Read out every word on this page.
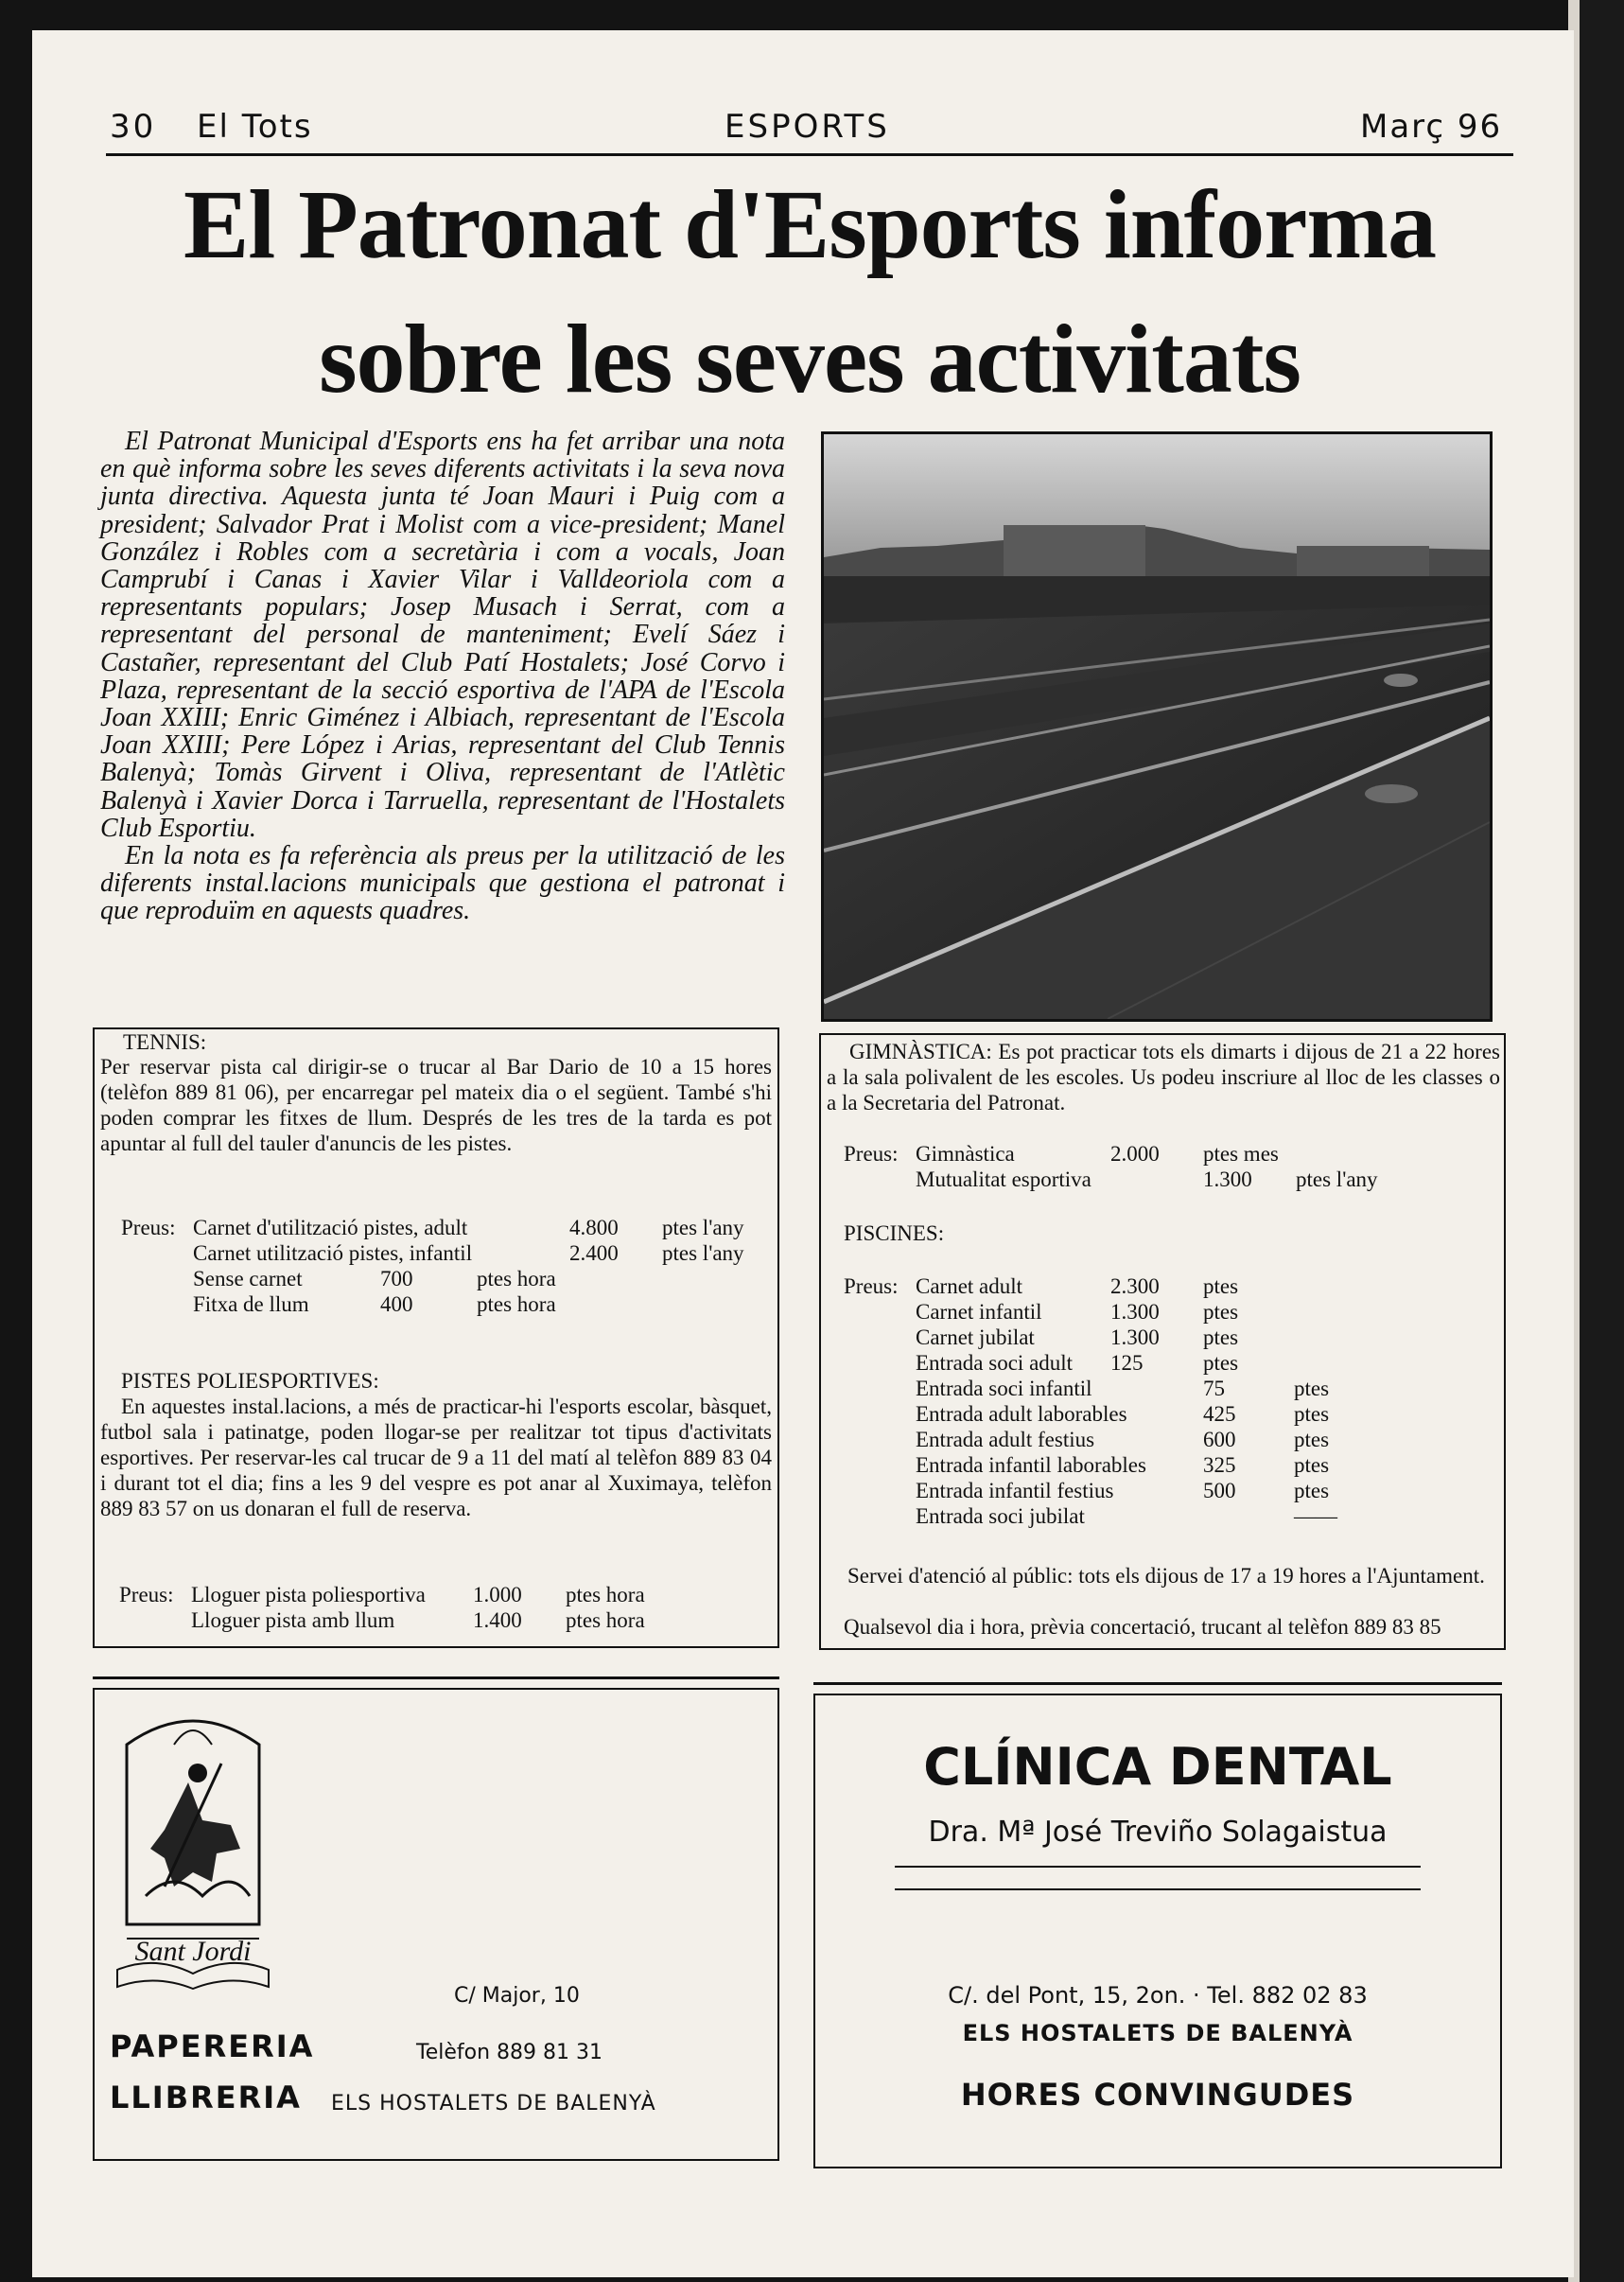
30 El Tots	ESPORTS	Març 96
El Patronat d'Esports informa
sobre les seves activitats

El Patronat Municipal d'Esports ens ha fet arribar una nota en què informa sobre les seves diferents activitats i la seva nova junta directiva. Aquesta junta té Joan Mauri i Puig com a president; Salvador Prat i Molist com a vice-president; Manel González i Robles com a secretària i com a vocals, Joan Camprubí i Canas i Xavier Vilar i Valldeoriola com a representants populars; Josep Musach i Serrat, com a representant del personal de manteniment; Evelí Sáez i Castañer, representant del Club Patí Hostalets; José Corvo i Plaza, representant de la secció esportiva de l'APA de l'Escola Joan XXIII; Enric Giménez i Albiach, representant de l'Escola Joan XXIII; Pere López i Arias, representant del Club Tennis Balenyà; Tomàs Girvent i Oliva, representant de l'Atlètic Balenyà i Xavier Dorca i Tarruella, representant de l'Hostalets Club Esportiu.

En la nota es fa referència als preus per la utilització de les diferents instal.lacions municipals que gestiona el patronat i que reproduïm en aquests quadres.

TENNIS:
Per reservar pista cal dirigir-se o trucar al Bar Dario de 10 a 15 hores (telèfon 889 81 06), per encarregar pel mateix dia o el següent. També s'hi poden comprar les fitxes de llum. Després de les tres de la tarda es pot apuntar al full del tauler d'anuncis de les pistes.
Preus: Carnet d'utilització pistes, adult	4.800 ptes l'any
Carnet utilització pistes, infantil	2.400 ptes l'any
Sense carnet	700	ptes hora
Fitxa de llum	400	ptes hora
PISTES POLIESPORTIVES:
En aquestes instal.lacions, a més de practicar-hi l'esports escolar, bàsquet, futbol sala i patinatge, poden llogar-se per realitzar tot tipus d'activitats esportives. Per reservar-les cal trucar de 9 a 11 del matí al telèfon 889 83 04 i durant tot el dia; fins a les 9 del vespre es pot anar al Xuximaya, telèfon 889 83 57 on us donaran el full de reserva.
Preus: Lloguer pista poliesportiva 1.000 ptes hora
Lloguer pista amb llum	1.400 ptes hora
GIMNÀSTICA: Es pot practicar tots els dimarts i dijous de 21 a 22 hores a la sala polivalent de les escoles. Us podeu inscriure al lloc de les classes o a la Secretaria del Patronat.
Preus: Gimnàstica	2.000 ptes mes
Mutualitat esportiva	1.300 ptes l'any
PISCINES:
Preus: Carnet adult	2.300 ptes
Carnet infantil	1.300 ptes
Carnet jubilat	1.300 ptes
Entrada soci adult 125	ptes
Entrada soci infantil	75	ptes
Entrada adult laborables	425	ptes
Entrada adult festius	600	ptes
Entrada infantil laborables	325	ptes
Entrada infantil festius	500	ptes
Entrada soci jubilat	——
Servei d'atenció al públic: tots els dijous de 17 a 19 hores a l'Ajuntament.
Qualsevol dia i hora, prèvia concertació, trucant al telèfon 889 83 85
Sant Jordi
PAPERERIA
LLIBRERIA
C/ Major, 10
Telèfon 889 81 31
ELS HOSTALETS DE BALENYÀ
CLÍNICA DENTAL
Dra. Mª José Treviño Solagaistua
C/. del Pont, 15, 2on. · Tel. 882 02 83
ELS HOSTALETS DE BALENYÀ
HORES CONVINGUDES
